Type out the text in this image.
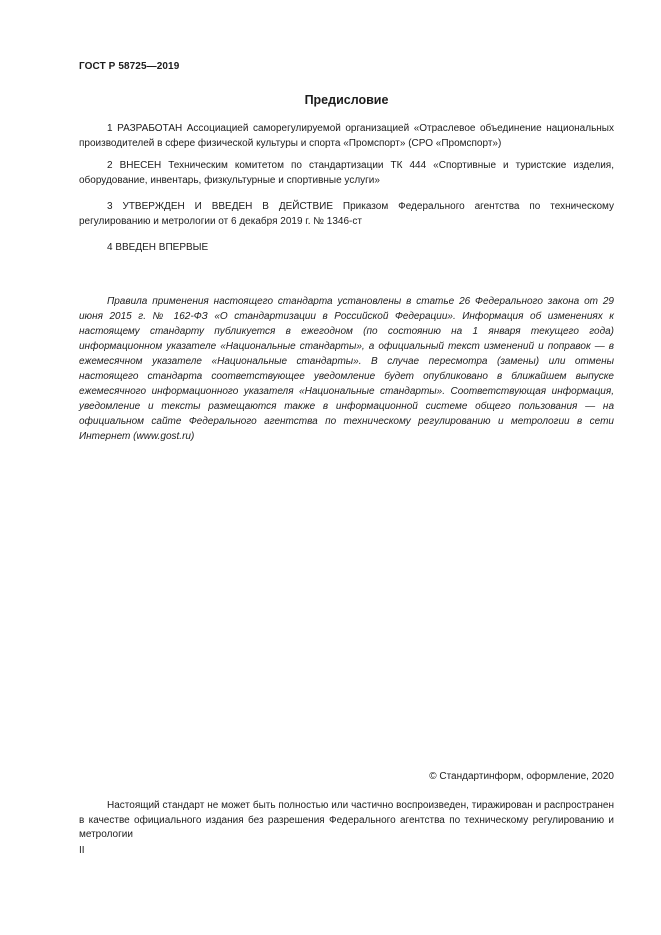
ГОСТ Р 58725—2019
Предисловие

1 РАЗРАБОТАН Ассоциацией саморегулируемой организацией «Отраслевое объединение национальных производителей в сфере физической культуры и спорта «Промспорт» (СРО «Промспорт»)

2 ВНЕСЕН Техническим комитетом по стандартизации ТК 444 «Спортивные и туристские изделия, оборудование, инвентарь, физкультурные и спортивные услуги»

3 УТВЕРЖДЕН И ВВЕДЕН В ДЕЙСТВИЕ Приказом Федерального агентства по техническому регулированию и метрологии от 6 декабря 2019 г. № 1346-ст

4 ВВЕДЕН ВПЕРВЫЕ

Правила применения настоящего стандарта установлены в статье 26 Федерального закона от 29 июня 2015 г. № 162-ФЗ «О стандартизации в Российской Федерации». Информация об изменениях к настоящему стандарту публикуется в ежегодном (по состоянию на 1 января текущего года) информационном указателе «Национальные стандарты», а официальный текст изменений и поправок — в ежемесячном указателе «Национальные стандарты». В случае пересмотра (замены) или отмены настоящего стандарта соответствующее уведомление будет опубликовано в ближайшем выпуске ежемесячного информационного указателя «Национальные стандарты». Соответствующая информация, уведомление и тексты размещаются также в информационной системе общего пользования — на официальном сайте Федерального агентства по техническому регулированию и метрологии в сети Интернет (www.gost.ru)

© Стандартинформ, оформление, 2020

Настоящий стандарт не может быть полностью или частично воспроизведен, тиражирован и распространен в качестве официального издания без разрешения Федерального агентства по техническому регулированию и метрологии

II
